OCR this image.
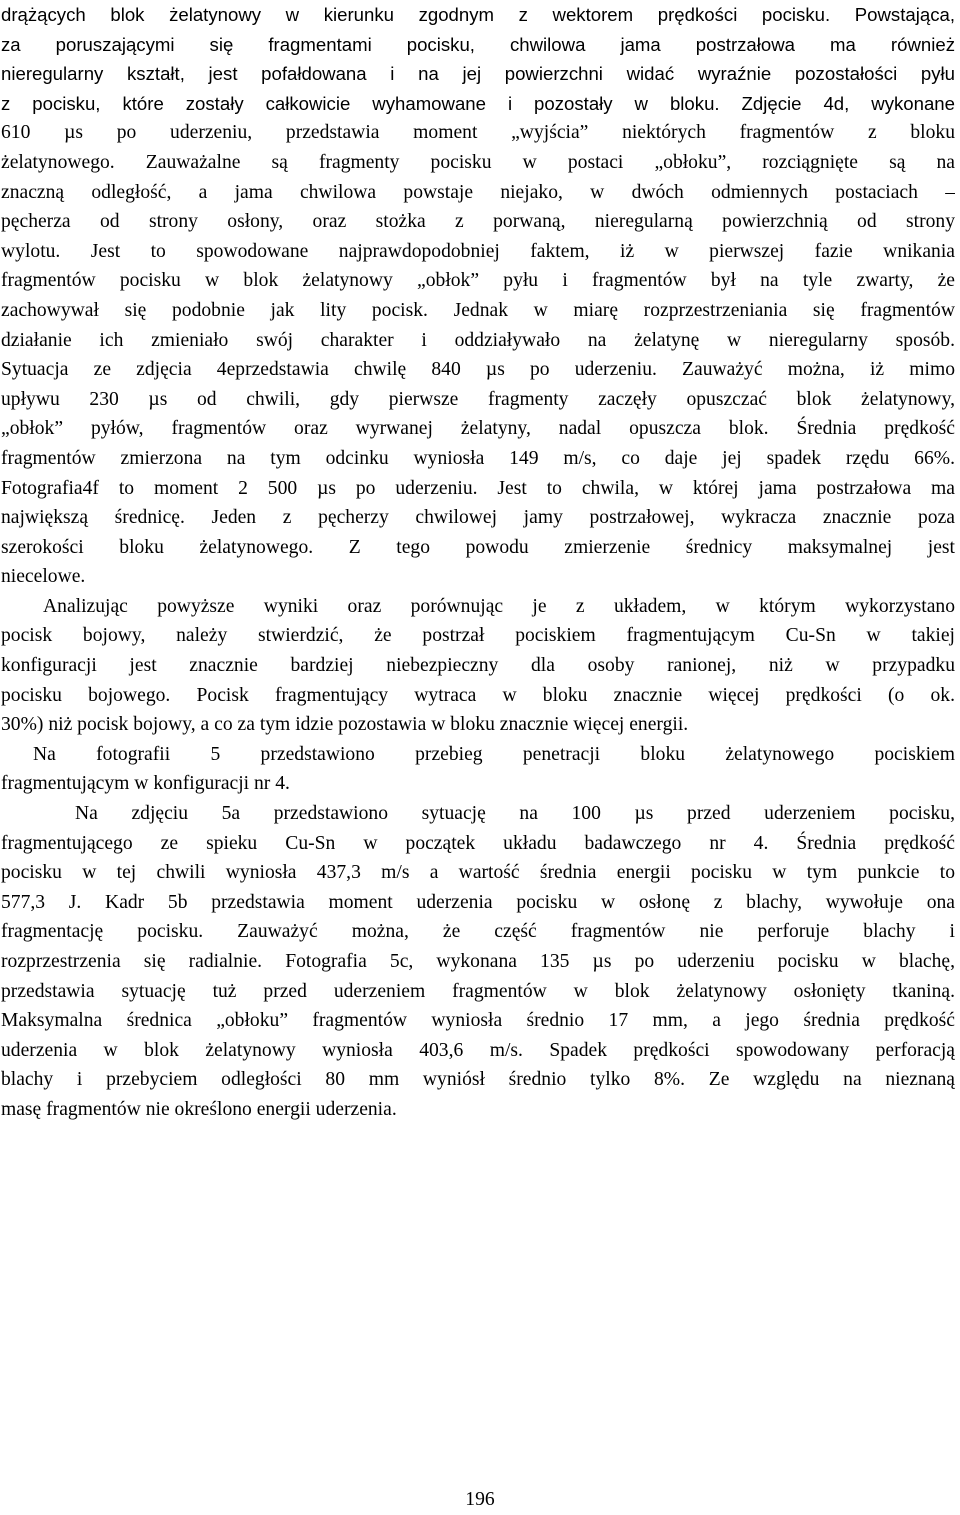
drążących blok żelatynowy w kierunku zgodnym z wektorem prędkości pocisku. Powstająca,
za poruszającymi się fragmentami pocisku, chwilowa jama postrzałowa ma również
nieregularny kształt, jest pofałdowana i na jej powierzchni widać wyraźnie pozostałości pyłu
z pocisku, które zostały całkowicie wyhamowane i pozostały w bloku. Zdjęcie 4d, wykonane
610 µs po uderzeniu, przedstawia moment „wyjścia” niektórych fragmentów z bloku
żelatynowego. Zauważalne są fragmenty pocisku w postaci „obłoku”, rozciągnięte są na
znaczną odległość, a jama chwilowa powstaje niejako, w dwóch odmiennych postaciach –
pęcherza od strony osłony, oraz stożka z porwaną, nieregularną powierzchnią od strony
wylotu. Jest to spowodowane najprawdopodobniej faktem, iż w pierwszej fazie wnikania
fragmentów pocisku w blok żelatynowy „obłok” pyłu i fragmentów był na tyle zwarty, że
zachowywał się podobnie jak lity pocisk. Jednak w miarę rozprzestrzeniania się fragmentów
działanie ich zmieniało swój charakter i oddziaływało na żelatynę w nieregularny sposób.
Sytuacja ze zdjęcia 4eprzedstawia chwilę 840 µs po uderzeniu. Zauważyć można, iż mimo
upływu 230 µs od chwili, gdy pierwsze fragmenty zaczęły opuszczać blok żelatynowy,
„obłok” pyłów, fragmentów oraz wyrwanej żelatyny, nadal opuszcza blok. Średnia prędkość
fragmentów zmierzona na tym odcinku wyniosła 149 m/s, co daje jej spadek rzędu 66%.
Fotografia4f to moment 2 500 µs po uderzeniu. Jest to chwila, w której jama postrzałowa ma
największą średnicę. Jeden z pęcherzy chwilowej jamy postrzałowej, wykracza znacznie poza
szerokości bloku żelatynowego. Z tego powodu zmierzenie średnicy maksymalnej jest
niecelowe.
Analizując powyższe wyniki oraz porównując je z układem, w którym wykorzystano
pocisk bojowy, należy stwierdzić, że postrzał pociskiem fragmentującym Cu-Sn w takiej
konfiguracji jest znacznie bardziej niebezpieczny dla osoby ranionej, niż w przypadku
pocisku bojowego. Pocisk fragmentujący wytraca w bloku znacznie więcej prędkości (o ok.
30%) niż pocisk bojowy, a co za tym idzie pozostawia w bloku znacznie więcej energii.
Na fotografii 5 przedstawiono przebieg penetracji bloku żelatynowego pociskiem
fragmentującym w konfiguracji nr 4.
Na zdjęciu 5a przedstawiono sytuację na 100 µs przed uderzeniem pocisku,
fragmentującego ze spieku Cu-Sn w początek układu badawczego nr 4. Średnia prędkość
pocisku w tej chwili wyniosła 437,3 m/s a wartość średnia energii pocisku w tym punkcie to
577,3 J. Kadr 5b przedstawia moment uderzenia pocisku w osłonę z blachy, wywołuje ona
fragmentację pocisku. Zauważyć można, że część fragmentów nie perforuje blachy i
rozprzestrzenia się radialnie. Fotografia 5c, wykonana 135 µs po uderzeniu pocisku w blachę,
przedstawia sytuację tuż przed uderzeniem fragmentów w blok żelatynowy osłonięty tkaniną.
Maksymalna średnica „obłoku” fragmentów wyniosła średnio 17 mm, a jego średnia prędkość
uderzenia w blok żelatynowy wyniosła 403,6 m/s. Spadek prędkości spowodowany perforacją
blachy i przebyciem odległości 80 mm wyniósł średnio tylko 8%. Ze względu na nieznaną
masę fragmentów nie określono energii uderzenia.
196
